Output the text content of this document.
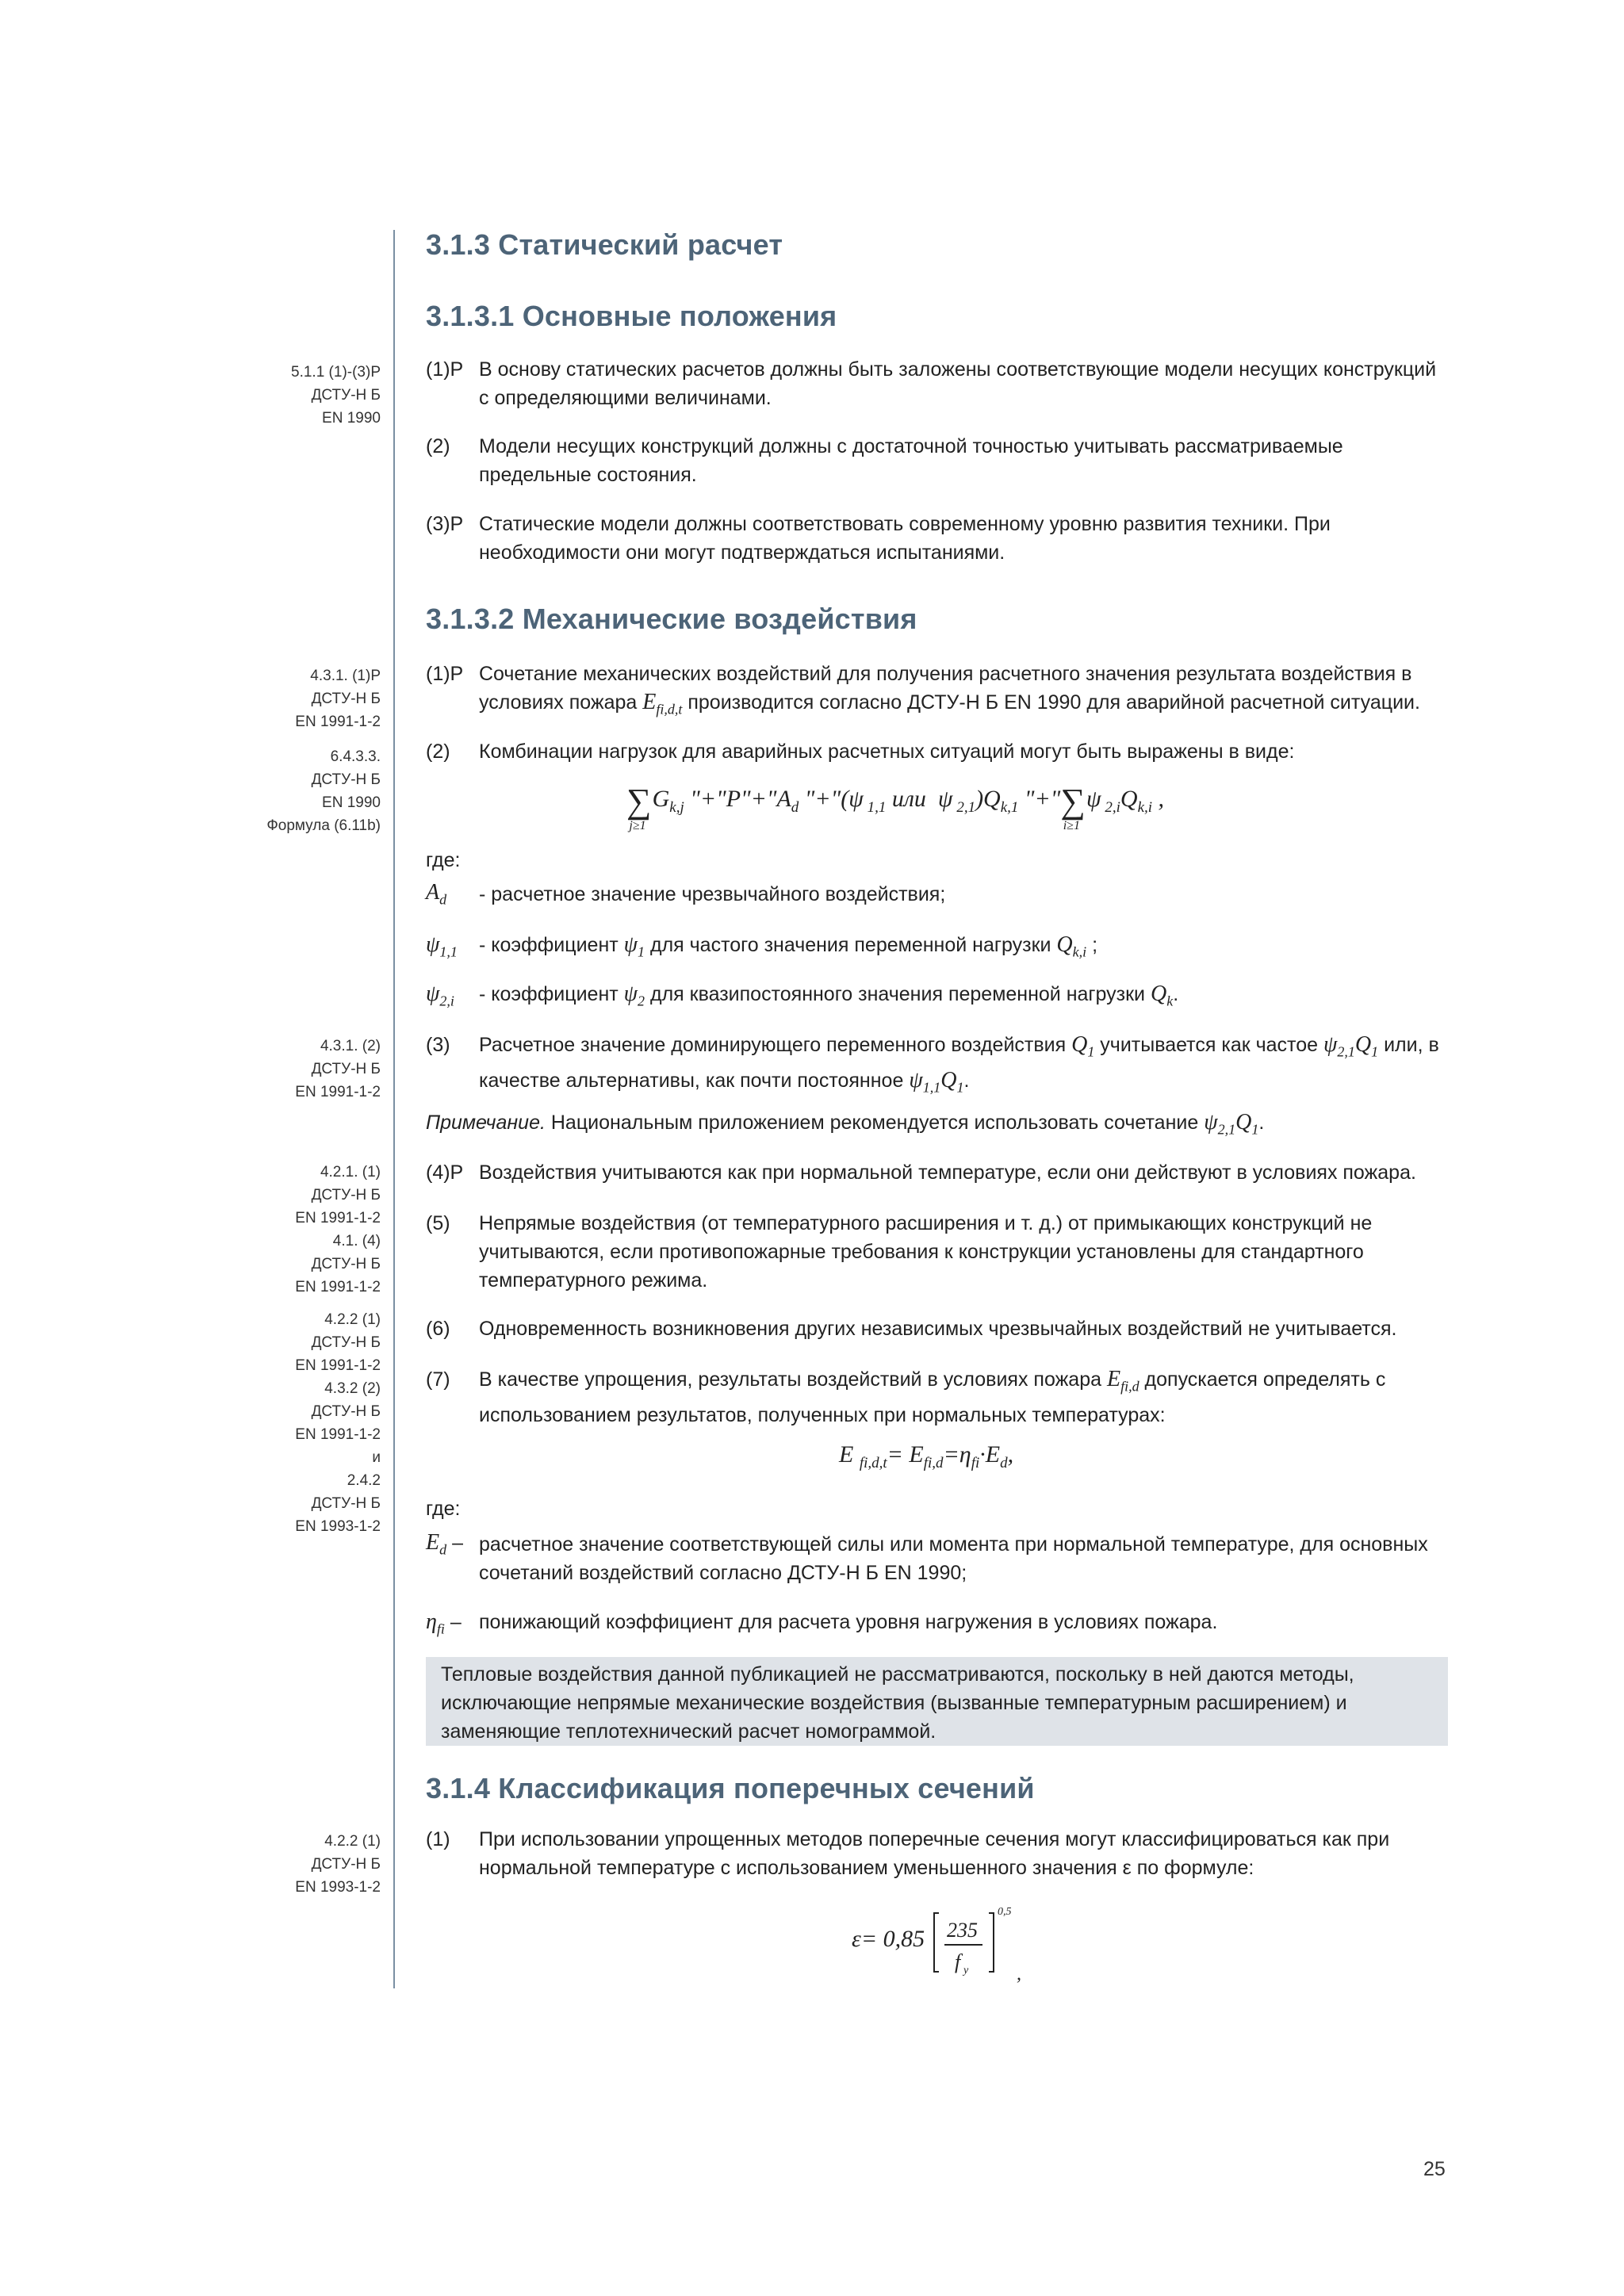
3.1.3 Статический расчет
3.1.3.1 Основные положения
3.1.3.2 Механические воздействия
3.1.4 Классификация поперечных сечений
5.1.1 (1)-(3)P
ДСТУ-Н Б
EN 1990
4.3.1. (1)P
ДСТУ-Н Б
EN 1991-1-2
6.4.3.3.
ДСТУ-Н Б
EN 1990
Формула (6.11b)
4.3.1. (2)
ДСТУ-Н Б
EN 1991-1-2
4.2.1. (1)
ДСТУ-Н Б
EN 1991-1-2
4.1. (4)
ДСТУ-Н Б
EN 1991-1-2
4.2.2 (1)
ДСТУ-Н Б
EN 1991-1-2
4.3.2 (2)
ДСТУ-Н Б
EN 1991-1-2
и
2.4.2
ДСТУ-Н Б
EN 1993-1-2
4.2.2 (1)
ДСТУ-Н Б
EN 1993-1-2
(1)P В основу статических расчетов должны быть заложены соответствующие модели несущих конструкций с определяющими величинами.
(2) Модели несущих конструкций должны с достаточной точностью учитывать рассматриваемые предельные состояния.
(3)P Статические модели должны соответствовать современному уровню развития техники. При необходимости они могут подтверждаться испытаниями.
(1)P Сочетание механических воздействий для получения расчетного значения результата воздействия в условиях пожара $E_{fi,d,t}$ производится согласно ДСТУ-Н Б EN 1990 для аварийной расчетной ситуации.
(2) Комбинации нагрузок для аварийных расчетных ситуаций могут быть выражены в виде:
$\sum_{j\ge 1}G_{k,j}$ "$+"P"+"A_d$ "+"(ψ $_{1,1}$ или  ψ $_{2,1})Q_{k,1}$ "$+"\sum_{i\ge 1}\psi$ $_{2,i}Q_{k,i}$ ,
где:
$A_d$ - расчетное значение чрезвычайного воздействия;
$\psi_{1,1}$ - коэффициент $\psi_1$ для частого значения переменной нагрузки $Q_{k,i}$ ;
$\psi_{2,i}$ - коэффициент $\psi_2$ для квазипостоянного значения переменной нагрузки $Q_k$.
(3) Расчетное значение доминирующего переменного воздействия $Q_1$ учитывается как частое $\psi_{2,1}Q_1$ или, в качестве альтернативы, как почти постоянное $\psi_{1,1}Q_1$.
Примечание. Национальным приложением рекомендуется использовать сочетание $\psi_{2,1}Q_1$.
(4)P Воздействия учитываются как при нормальной температуре, если они действуют в условиях пожара.
(5) Непрямые воздействия (от температурного расширения и т. д.) от примыкающих конструкций не учитываются, если противопожарные требования к конструкции установлены для стандартного температурного режима.
(6) Одновременность возникновения других независимых чрезвычайных воздействий не учитывается.
(7) В качестве упрощения, результаты воздействий в условиях пожара $E_{fi,d}$ допускается определять с использованием результатов, полученных при нормальных температурах:
E $_{fi,d,t}= E_{fi,d}=\eta_{fi}\cdot E_d$,
где:
$E_d$ – расчетное значение соответствующей силы или момента при нормальной температуре, для основных сочетаний воздействий согласно ДСТУ-Н Б EN 1990;
$\eta_{fi}$ – понижающий коэффициент для расчета уровня нагружения в условиях пожара.
Тепловые воздействия данной публикацией не рассматриваются, поскольку в ней даются методы, исключающие непрямые механические воздействия (вызванные температурным расширением) и заменяющие теплотехнический расчет номограммой.
(1) При использовании упрощенных методов поперечные сечения могут классифицироваться как при нормальной температуре с использованием уменьшенного значения ε по формуле:
ε= 0,85 235
f y
0,5
,
25
